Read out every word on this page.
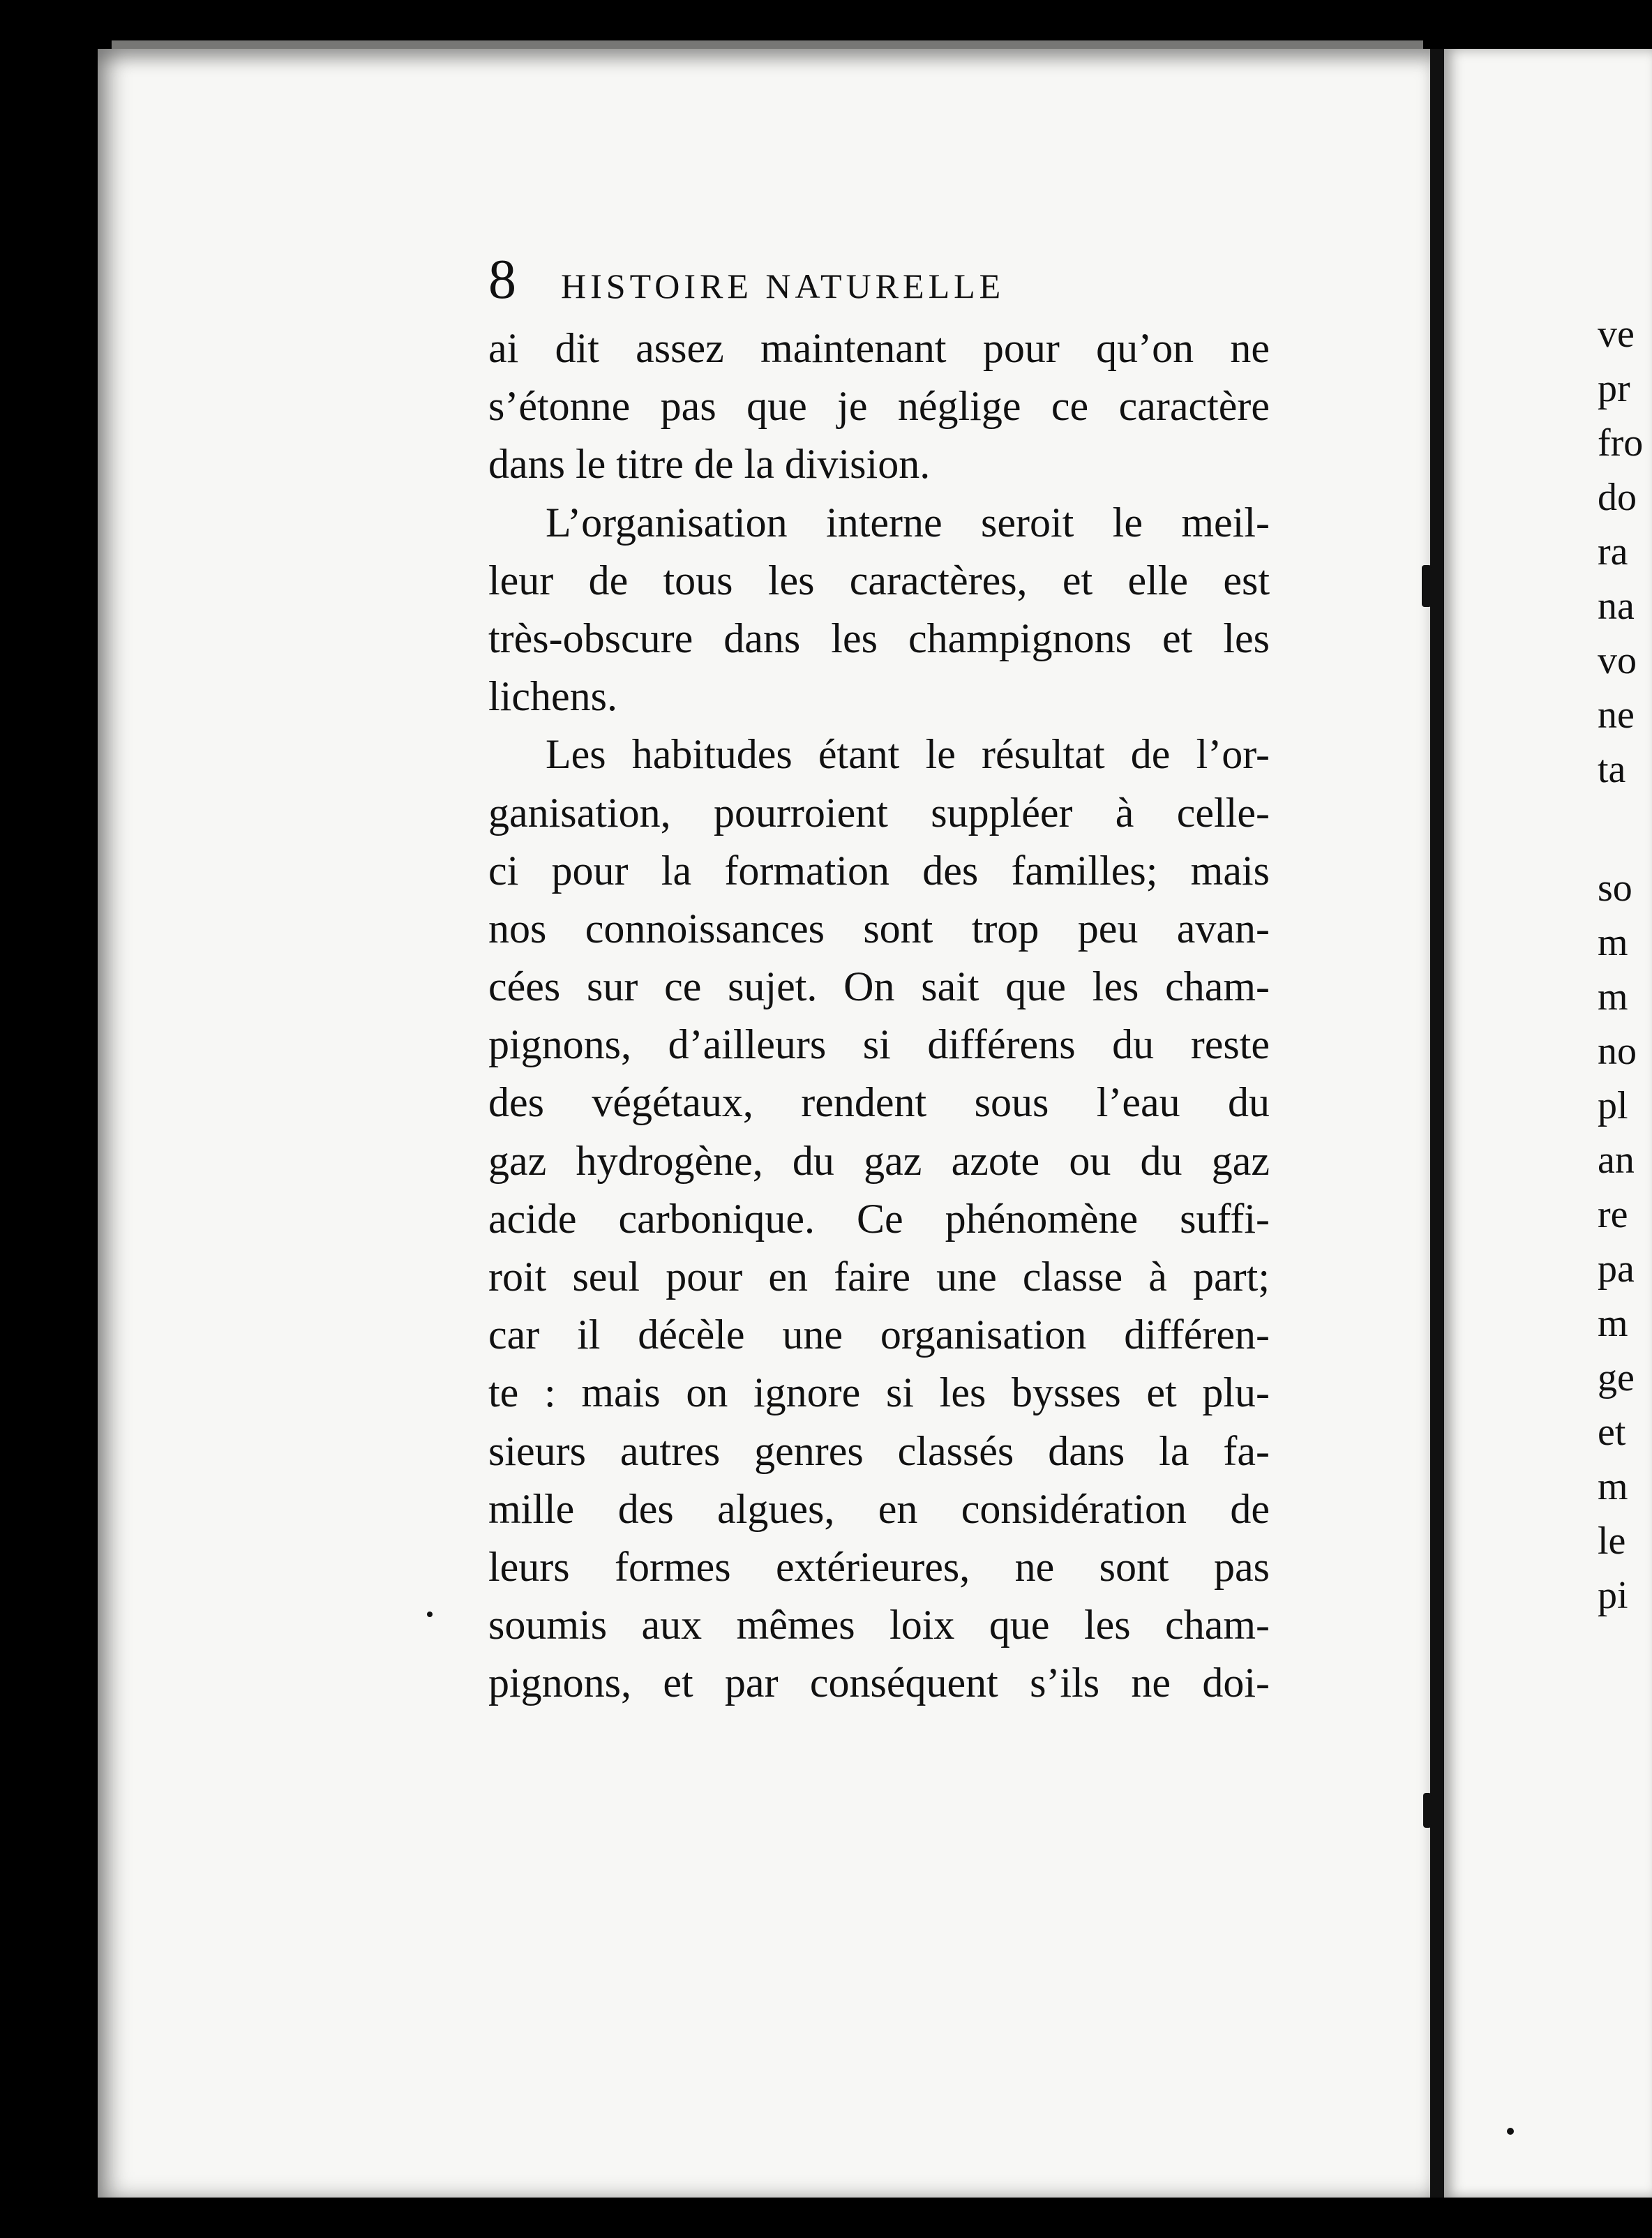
8 HISTOIRE NATURELLE
ai dit assez maintenant pour qu’on ne
s’étonne pas que je néglige ce caractère
dans le titre de la division.
L’organisation interne seroit le meil-
leur de tous les caractères, et elle est
très-obscure dans les champignons et les
lichens.
Les habitudes étant le résultat de l’or-
ganisation, pourroient suppléer à celle-
ci pour la formation des familles; mais
nos connoissances sont trop peu avan-
cées sur ce sujet. On sait que les cham-
pignons, d’ailleurs si différens du reste
des végétaux, rendent sous l’eau du
gaz hydrogène, du gaz azote ou du gaz
acide carbonique. Ce phénomène suffi-
roit seul pour en faire une classe à part;
car il décèle une organisation différen-
te : mais on ignore si les bysses et plu-
sieurs autres genres classés dans la fa-
mille des algues, en considération de
leurs formes extérieures, ne sont pas
soumis aux mêmes loix que les cham-
pignons, et par conséquent s’ils ne doi-
ve
pr
fro
do
ra
na
vo
ne
ta
so
m
m
no
pl
an
re
pa
m
ge
et
m
le
pi
